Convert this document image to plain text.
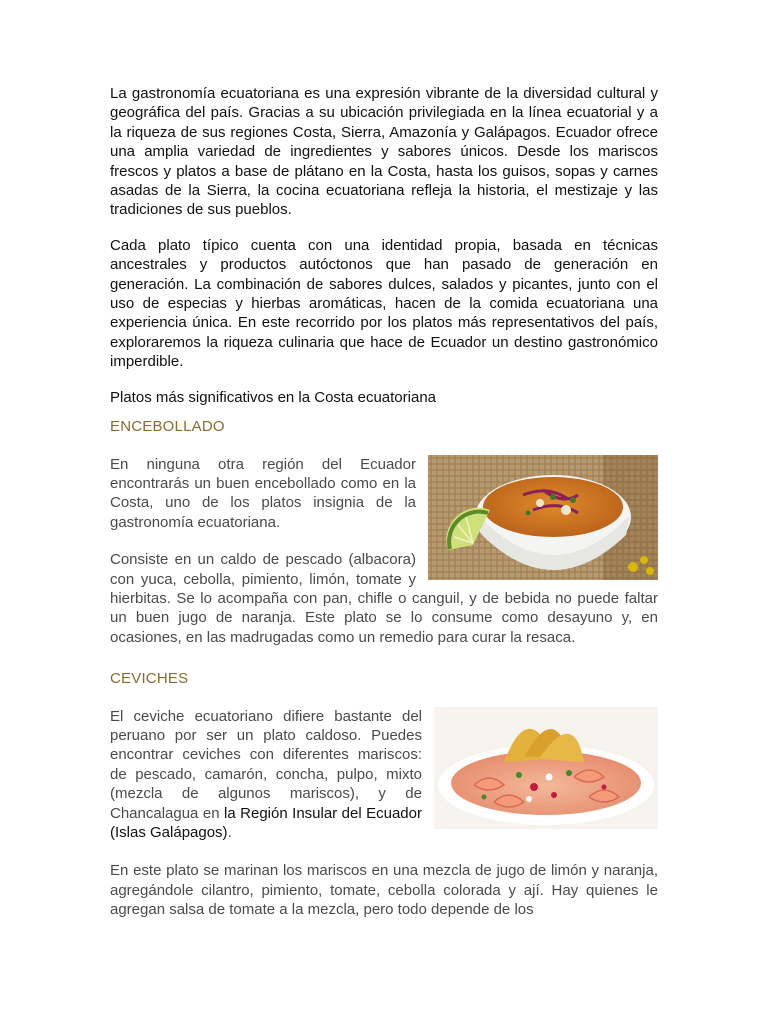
La gastronomía ecuatoriana es una expresión vibrante de la diversidad cultural y geográfica del país. Gracias a su ubicación privilegiada en la línea ecuatorial y a la riqueza de sus regiones Costa, Sierra, Amazonía y Galápagos. Ecuador ofrece una amplia variedad de ingredientes y sabores únicos. Desde los mariscos frescos y platos a base de plátano en la Costa, hasta los guisos, sopas y carnes asadas de la Sierra, la cocina ecuatoriana refleja la historia, el mestizaje y las tradiciones de sus pueblos.

Cada plato típico cuenta con una identidad propia, basada en técnicas ancestrales y productos autóctonos que han pasado de generación en generación. La combinación de sabores dulces, salados y picantes, junto con el uso de especias y hierbas aromáticas, hacen de la comida ecuatoriana una experiencia única. En este recorrido por los platos más representativos del país, exploraremos la riqueza culinaria que hace de Ecuador un destino gastronómico imperdible.

Platos más significativos en la Costa ecuatoriana
ENCEBOLLADO

En ninguna otra región del Ecuador encontrarás un buen encebollado como en la Costa, uno de los platos insignia de la gastronomía ecuatoriana.

Consiste en un caldo de pescado (albacora) con yuca, cebolla, pimiento, limón, tomate y hierbitas. Se lo acompaña con pan, chifle o canguil, y de bebida no puede faltar un buen jugo de naranja. Este plato se lo consume como desayuno y, en ocasiones, en las madrugadas como un remedio para curar la resaca.

CEVICHES

El ceviche ecuatoriano difiere bastante del peruano por ser un plato caldoso. Puedes encontrar ceviches con diferentes mariscos: de pescado, camarón, concha, pulpo, mixto (mezcla de algunos mariscos), y de Chancalagua en la Región Insular del Ecuador (Islas Galápagos).

En este plato se marinan los mariscos en una mezcla de jugo de limón y naranja, agregándole cilantro, pimiento, tomate, cebolla colorada y ají. Hay quienes le agregan salsa de tomate a la mezcla, pero todo depende de los
